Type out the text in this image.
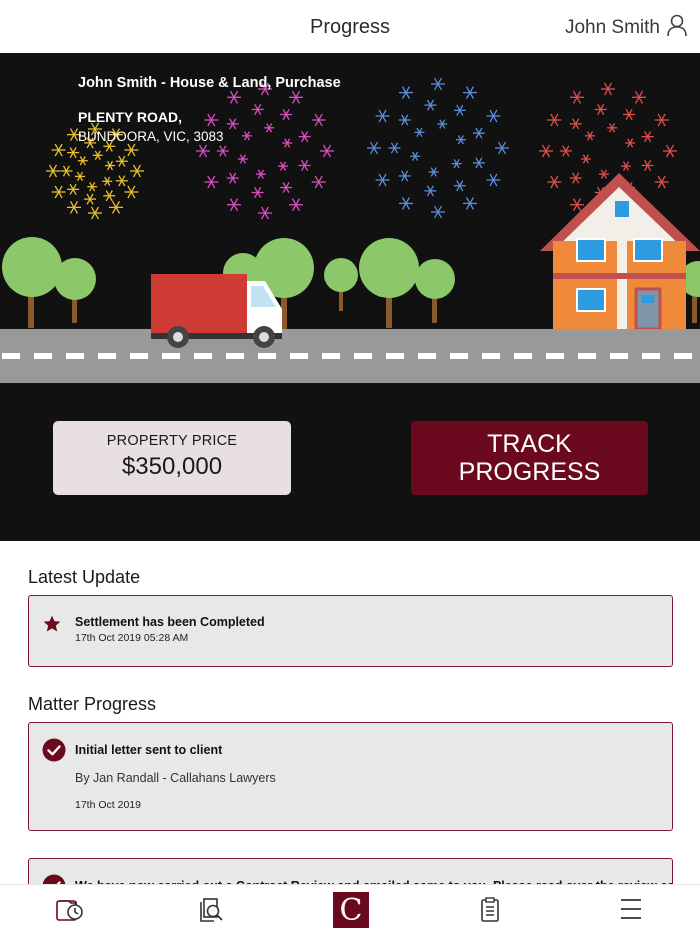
Progress	John Smith
John Smith - House & Land, Purchase
PLENTY ROAD,
BUNDOORA, VIC, 3083
PROPERTY PRICE
$350,000
TRACK
PROGRESS
Latest Update
Settlement has been Completed
17th Oct 2019 05:28 AM
Matter Progress
Initial letter sent to client
By Jan Randall - Callahans Lawyers
17th Oct 2019
C
